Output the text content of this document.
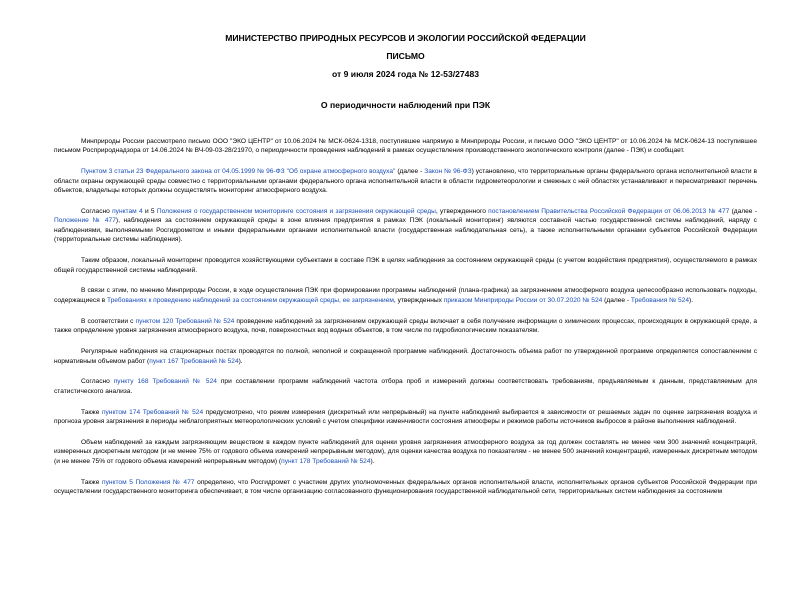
МИНИСТЕРСТВО ПРИРОДНЫХ РЕСУРСОВ И ЭКОЛОГИИ РОССИЙСКОЙ ФЕДЕРАЦИИ
ПИСЬМО
от 9 июля 2024 года № 12-53/27483
О периодичности наблюдений при ПЭК

Минприроды России рассмотрело письмо ООО "ЭКО ЦЕНТР" от 10.06.2024 № МСК-0624-1318, поступившее напрямую в Минприроды России, и письмо ООО "ЭКО ЦЕНТР" от 10.06.2024 № МСК-0624-13 поступившее письмом Росприроднадзора от 14.06.2024 № ВЧ-09-03-28/21970, о периодичности проведения наблюдений в рамках осуществления производственного экологического контроля (далее - ПЭК) и сообщает.

Пунктом 3 статьи 23 Федерального закона от 04.05.1999 № 96-ФЗ "Об охране атмосферного воздуха" (далее - Закон № 96-ФЗ) установлено, что территориальные органы федерального органа исполнительной власти в области охраны окружающей среды совместно с территориальными органами федерального органа исполнительной власти в области гидрометеорологии и смежных с ней областях устанавливают и пересматривают перечень объектов, владельцы которых должны осуществлять мониторинг атмосферного воздуха.

Согласно пунктам 4 и 5 Положения о государственном мониторинге состояния и загрязнения окружающей среды, утвержденного постановлением Правительства Российской Федерации от 06.06.2013 № 477 (далее - Положение № 477), наблюдения за состоянием окружающей среды в зоне влияния предприятия в рамках ПЭК (локальный мониторинг) являются составной частью государственной системы наблюдений, наряду с наблюдениями, выполняемыми Росгидрометом и иными федеральными органами исполнительной власти (государственная наблюдательная сеть), а также исполнительными органами субъектов Российской Федерации (территориальные системы наблюдения).

Таким образом, локальный мониторинг проводится хозяйствующими субъектами в составе ПЭК в целях наблюдения за состоянием окружающей среды (с учетом воздействия предприятия), осуществляемого в рамках общей государственной системы наблюдений.

В связи с этим, по мнению Минприроды России, в ходе осуществления ПЭК при формировании программы наблюдений (плана-графика) за загрязнением атмосферного воздуха целесообразно использовать подходы, содержащиеся в Требованиях к проведению наблюдений за состоянием окружающей среды, ее загрязнением, утвержденных приказом Минприроды России от 30.07.2020 № 524 (далее - Требования № 524).

В соответствии с пунктом 120 Требований № 524 проведение наблюдений за загрязнением окружающей среды включает в себя получение информации о химических процессах, происходящих в окружающей среде, а также определение уровня загрязнения атмосферного воздуха, почв, поверхностных вод водных объектов, в том числе по гидробиологическим показателям.

Регулярные наблюдения на стационарных постах проводятся по полной, неполной и сокращенной программе наблюдений. Достаточность объема работ по утвержденной программе определяется сопоставлением с нормативным объемом работ (пункт 167 Требований № 524).

Согласно пункту 168 Требований № 524 при составлении программ наблюдений частота отбора проб и измерений должны соответствовать требованиям, предъявляемым к данным, представляемым для статистического анализа.

Также пунктом 174 Требований № 524 предусмотрено, что режим измерения (дискретный или непрерывный) на пункте наблюдений выбирается в зависимости от решаемых задач по оценке загрязнения воздуха и прогноза уровня загрязнения в периоды неблагоприятных метеорологических условий с учетом специфики изменчивости состояния атмосферы и режимов работы источников выбросов в районе выполнения наблюдений.

Объем наблюдений за каждым загрязняющим веществом в каждом пункте наблюдений для оценки уровня загрязнения атмосферного воздуха за год должен составлять не менее чем 300 значений концентраций, измеренных дискретным методом (и не менее 75% от годового объема измерений непрерывным методом), для оценки качества воздуха по показателям - не менее 500 значений концентраций, измеренных дискретным методом (и не менее 75% от годового объема измерений непрерывным методом) (пункт 178 Требований № 524).

Также пунктом 5 Положения № 477 определено, что Росгидромет с участием других уполномоченных федеральных органов исполнительной власти, исполнительных органов субъектов Российской Федерации при осуществлении государственного мониторинга обеспечивает, в том числе организацию согласованного функционирования государственной наблюдательной сети, территориальных систем наблюдения за состоянием
